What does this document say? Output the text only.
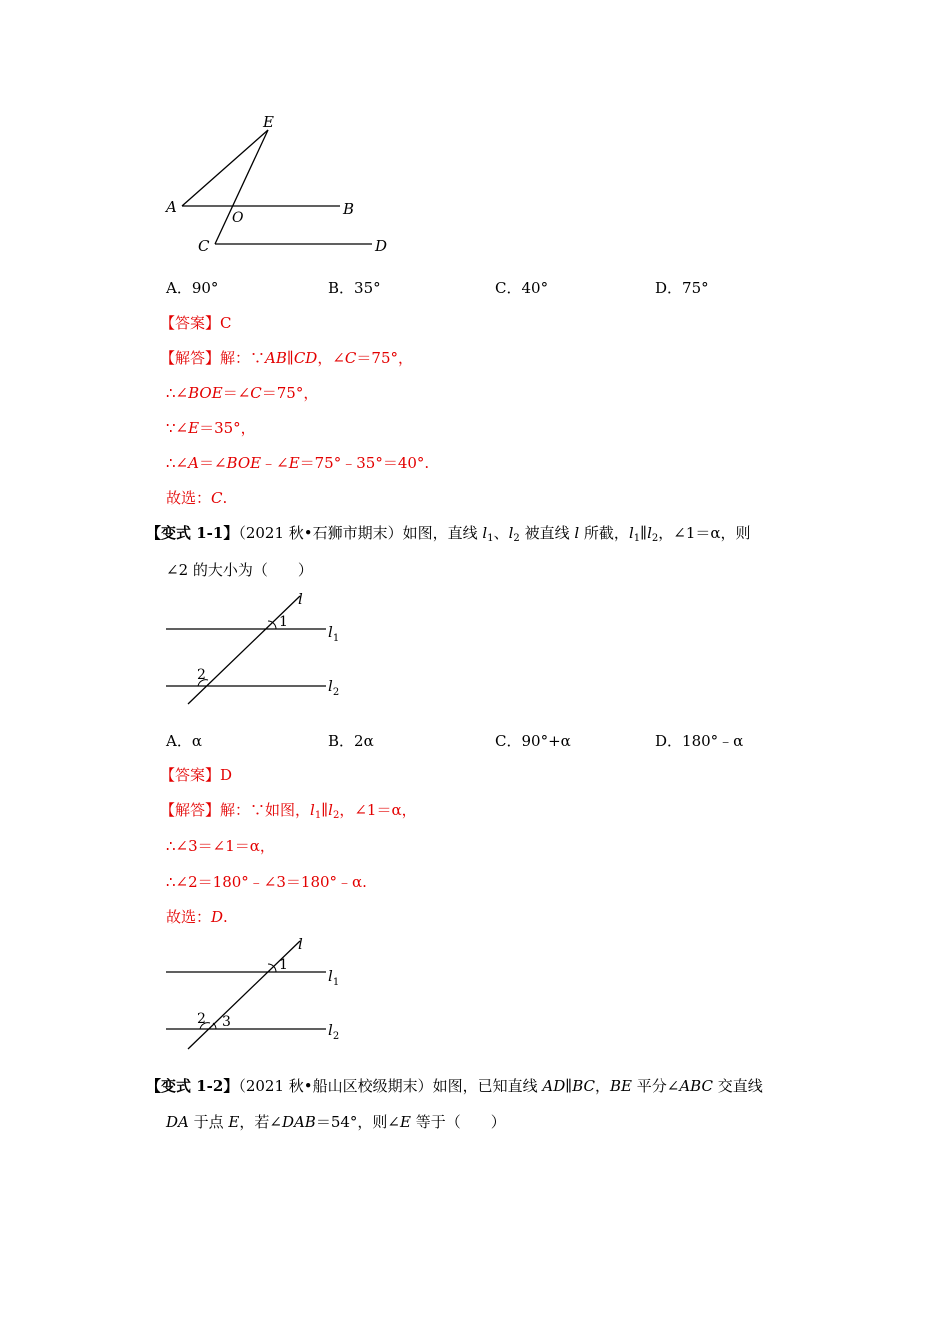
E
A
O	B
C	D
A．90°	B．35°	C．40°	D．75°
【答案】C
【解答】解：∵AB∥CD，∠C＝75°，
∴∠BOE＝∠C＝75°，
∵∠E＝35°，
∴∠A＝∠BOE﹣∠E＝75°﹣35°＝40°.
故选：C.
【变式 1-1】（2021 秋•石狮市期末）如图，直线 $l_1$、$l_2$ 被直线 l 所截，$l_1\parallel l_2$，∠1＝α，则
∠2 的大小为（　　）
l
1
2
$l_1$
$l_2$
A．α	B．2α	C．90°+α	D．180°﹣α
【答案】D
【解答】解：∵如图，$l_1\parallel l_2$，∠1＝α，
∴∠3＝∠1＝α，
∴∠2＝180°﹣∠3＝180°﹣α.
故选：D.
l
1
2 3
$l_1$
$l_2$
【变式 1-2】（2021 秋•船山区校级期末）如图，已知直线 AD∥BC，BE 平分∠ABC 交直线
DA 于点 E，若∠DAB＝54°，则∠E 等于（　　）
